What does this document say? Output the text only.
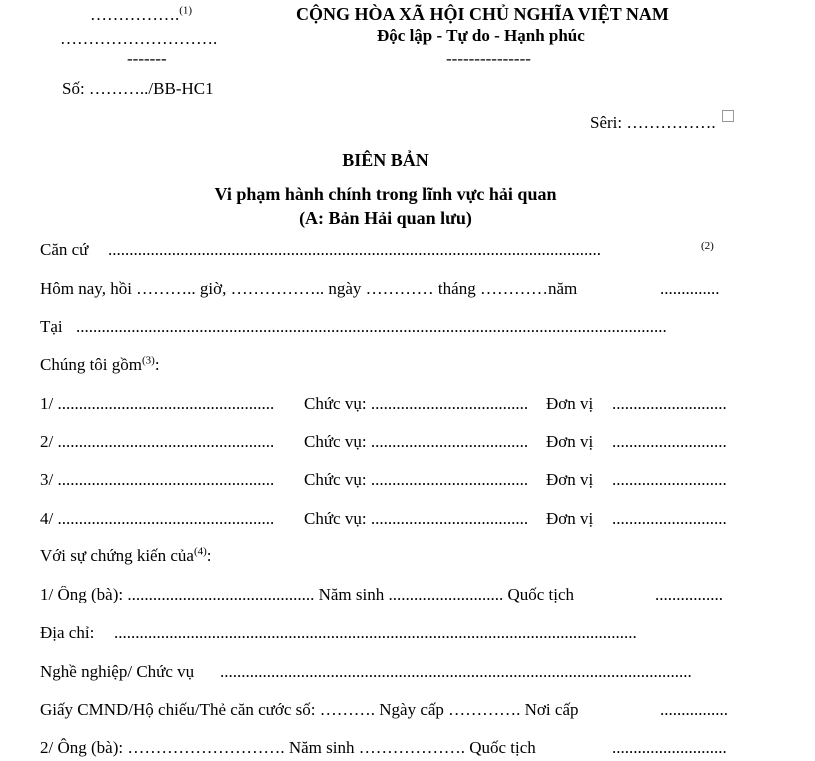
…………….$^{(1)}$
……………………….
-------
CỘNG HÒA XÃ HỘI CHỦ NGHĨA VIỆT NAM
Độc lập - Tự do - Hạnh phúc
---------------
Số: ………../BB-HC1
Sêri: …………….
BIÊN BẢN
Vi phạm hành chính trong lĩnh vực hải quan
(A: Bản Hải quan lưu)
Căn cứ ....................................................................................................................	(2)
Hôm nay, hồi ……….. giờ, …………….. ngày ………… tháng …………năm	..............
Tại ...........................................................................................................................................
Chúng tôi gồm$^{(3)}$:
1/ ...................................................	Chức vụ: .....................................	Đơn vị ...........................
2/ ...................................................	Chức vụ: .....................................	Đơn vị ...........................
3/ ...................................................	Chức vụ: .....................................	Đơn vị ...........................
4/ ...................................................	Chức vụ: .....................................	Đơn vị ...........................
Với sự chứng kiến của$^{(4)}$:
1/ Ông (bà): ............................................ Năm sinh ........................... Quốc tịch	................
Địa chỉ: ...........................................................................................................................
Nghề nghiệp/ Chức vụ ...............................................................................................................
Giấy CMND/Hộ chiếu/Thẻ căn cước số: ………. Ngày cấp …………. Nơi cấp	................
2/ Ông (bà): ………………………. Năm sinh ………………. Quốc tịch	...........................
